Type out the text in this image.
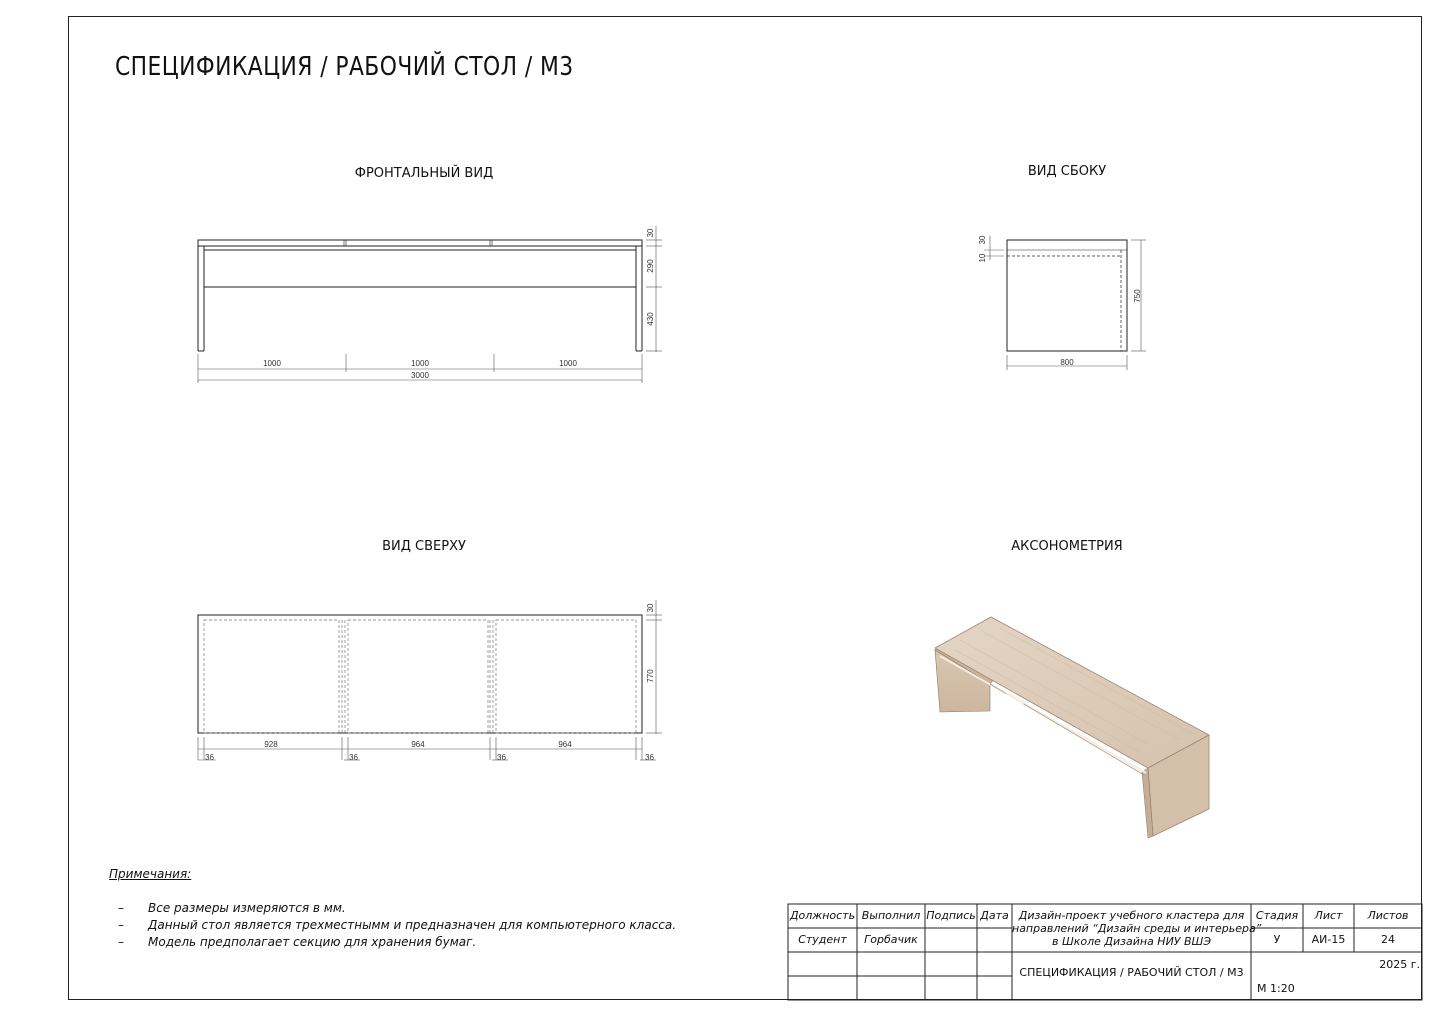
СПЕЦИФИКАЦИЯ / РАБОЧИЙ СТОЛ / М3
ФРОНТАЛЬНЫЙ ВИД	ВИД СБОКУ
ВИД СВЕРХУ	АКСОНОМЕТРИЯ
30
290
430
1000	1000	1000
3000
30
10
750
800
30
770
928	964	964
36	36	36	36
Примечания:
– Все размеры измеряются в мм.
– Данный стол является трехместнымм и предназначен для компьютерного класса.
– Модель предполагает секцию для хранения бумаг.
Должность Выполнил Подпись Дата
Студент	Горбачик
Дизайн-проект учебного кластера для
направлений “Дизайн среды и интерьера”
в Школе Дизайна НИУ ВШЭ
Стадия	Лист	Листов
У	АИ-15	24
СПЕЦИФИКАЦИЯ / РАБОЧИЙ СТОЛ / М3
2025 г.
М 1:20
